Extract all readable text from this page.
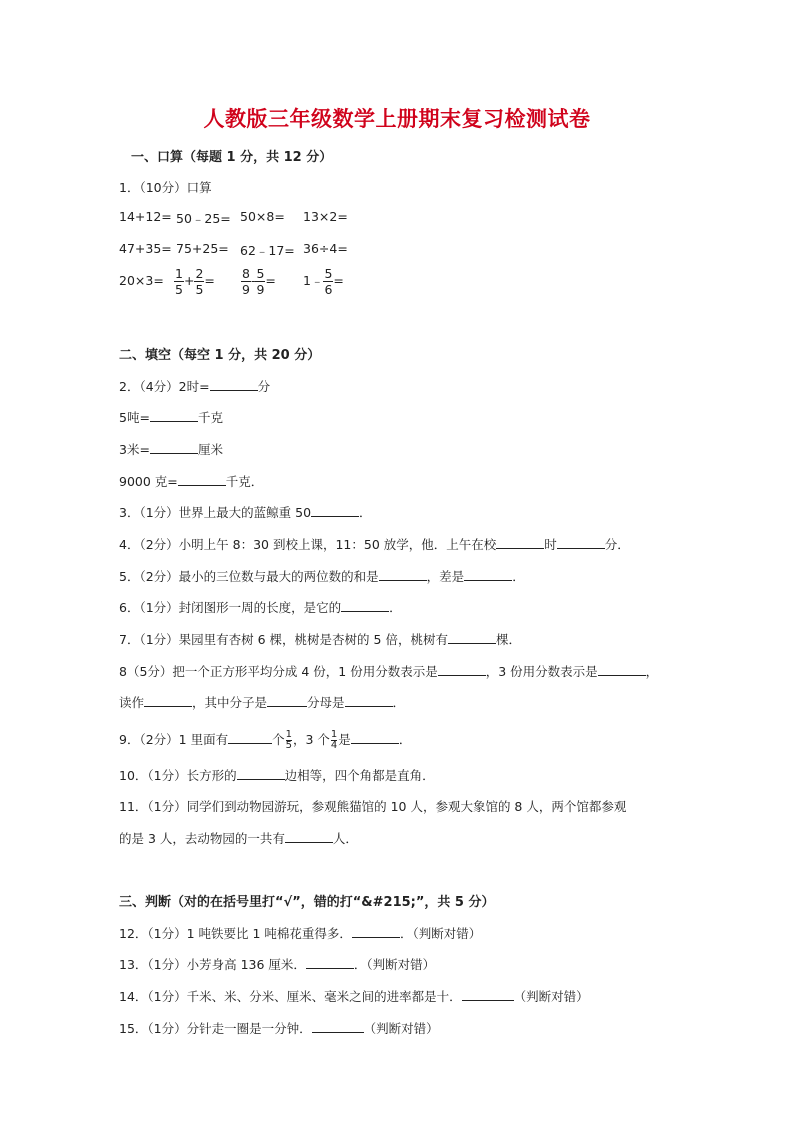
人教版三年级数学上册期末复习检测试卷
一、口算（每题 1 分，共 12 分）
1．（10分）口算
14+12= 50﹣25= 50×8= 13×2=
47+35= 75+25= 62﹣17= 36÷4=
$20\times 3= \frac{1}{5} + \frac{2}{5} = \frac{8}{9} - \frac{5}{9}$ = 1﹣ $\frac{5}{6}$ =
二、填空（每空 1 分，共 20 分）
2．（4分）2时=	分
5吨=	千克
3米=	厘米
9000 克=	千克．
3．（1分）世界上最大的蓝鲸重 50	．
4．（2分）小明上午 8：30 到校上课，11：50 放学，他．上午在校	时	分．
5．（2分）最小的三位数与最大的两位数的和是	，差是	．
6．（1分）封闭图形一周的长度，是它的	．
7．（1分）果园里有杏树 6 棵，桃树是杏树的 5 倍，桃树有	棵．
8（5分）把一个正方形平均分成 4 份，1 份用分数表示是	，3 份用分数表示是	，
读作	，其中分子是	分母是	．
9．（2分）1 里面有	个 $\frac{1}{5}$ ，3 个 $\frac{1}{4}$ 是	．
10．（1分）长方形的	边相等，四个角都是直角．
11．（1分）同学们到动物园游玩，参观熊猫馆的 10 人，参观大象馆的 8 人，两个馆都参观
的是 3 人，去动物园的一共有	人．
三、判断（对的在括号里打“√”，错的打“&#215;”，共 5 分）
12．（1分）1 吨铁要比 1 吨棉花重得多．	．（判断对错）
13．（1分）小芳身高 136 厘米．	．（判断对错）
14．（1分）千米、米、分米、厘米、毫米之间的进率都是十．	（判断对错）
15．（1分）分针走一圈是一分钟．	（判断对错）
